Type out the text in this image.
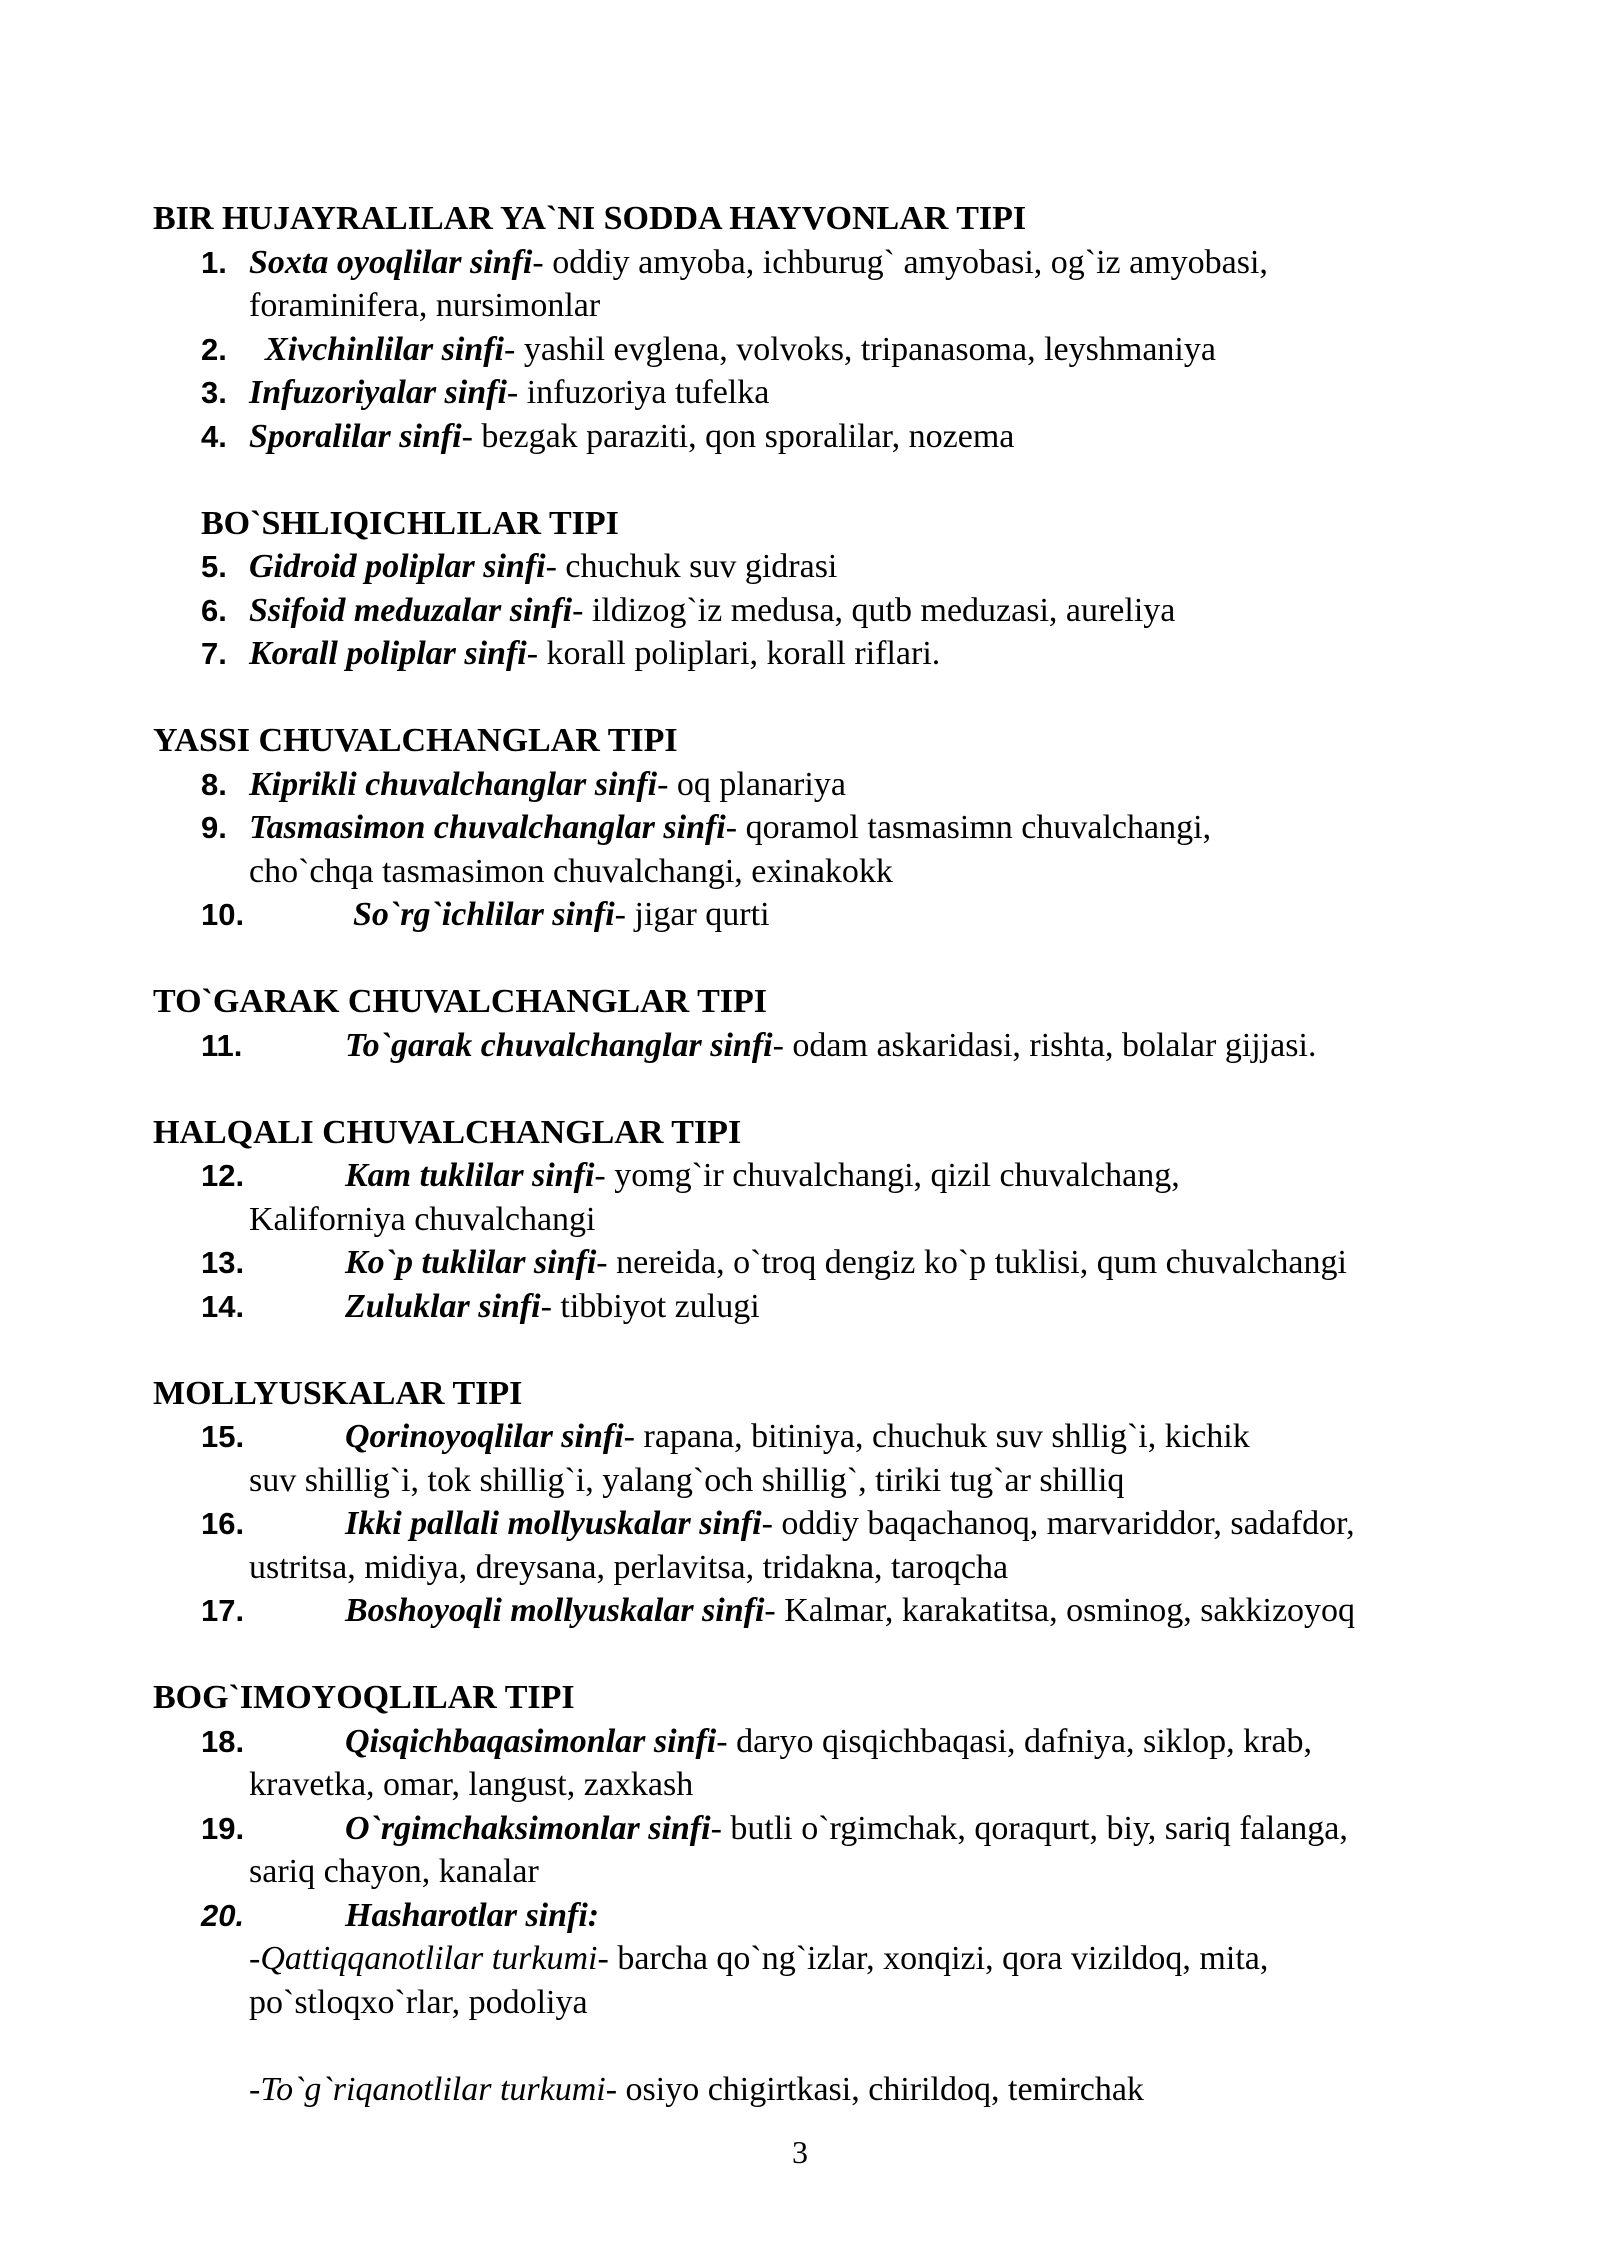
BIR HUJAYRALILAR YA`NI SODDA HAYVONLAR TIPI
1. Soxta oyoqlilar sinfi- oddiy amyoba, ichburug` amyobasi, og`iz amyobasi,
foraminifera, nursimonlar
2.	Xivchinlilar sinfi- yashil evglena, volvoks, tripanasoma, leyshmaniya
3. Infuzoriyalar sinfi- infuzoriya tufelka
4. Sporalilar sinfi- bezgak paraziti, qon sporalilar, nozema
BO`SHLIQICHLILAR TIPI
5. Gidroid poliplar sinfi- chuchuk suv gidrasi
6. Ssifoid meduzalar sinfi- ildizog`iz medusa, qutb meduzasi, aureliya
7. Korall poliplar sinfi- korall poliplari, korall riflari.
YASSI CHUVALCHANGLAR TIPI
8. Kiprikli chuvalchanglar sinfi- oq planariya
9. Tasmasimon chuvalchanglar sinfi- qoramol tasmasimn chuvalchangi,
cho`chqa tasmasimon chuvalchangi, exinakokk
10.	So`rg`ichlilar sinfi- jigar qurti
TO`GARAK CHUVALCHANGLAR TIPI
11.	To`garak chuvalchanglar sinfi- odam askaridasi, rishta, bolalar gijjasi.
HALQALI CHUVALCHANGLAR TIPI
12.	Kam tuklilar sinfi- yomg`ir chuvalchangi, qizil chuvalchang,
Kaliforniya chuvalchangi
13.	Ko`p tuklilar sinfi- nereida, o`troq dengiz ko`p tuklisi, qum chuvalchangi
14.	Zuluklar sinfi- tibbiyot zulugi
MOLLYUSKALAR TIPI
15.	Qorinoyoqlilar sinfi- rapana, bitiniya, chuchuk suv shllig`i, kichik
suv shillig`i, tok shillig`i, yalang`och shillig`, tiriki tug`ar shilliq
16.	Ikki pallali mollyuskalar sinfi- oddiy baqachanoq, marvariddor, sadafdor,
ustritsa, midiya, dreysana, perlavitsa, tridakna, taroqcha
17.	Boshoyoqli mollyuskalar sinfi- Kalmar, karakatitsa, osminog, sakkizoyoq
BOG`IMOYOQLILAR TIPI
18.	Qisqichbaqasimonlar sinfi- daryo qisqichbaqasi, dafniya, siklop, krab,
kravetka, omar, langust, zaxkash
19.	O`rgimchaksimonlar sinfi- butli o`rgimchak, qoraqurt, biy, sariq falanga,
sariq chayon, kanalar
20.	Hasharotlar sinfi:
-Qattiqqanotlilar turkumi- barcha qo`ng`izlar, xonqizi, qora vizildoq, mita,
po`stloqxo`rlar, podoliya
-To`g`riqanotlilar turkumi- osiyo chigirtkasi, chirildoq, temirchak
3
